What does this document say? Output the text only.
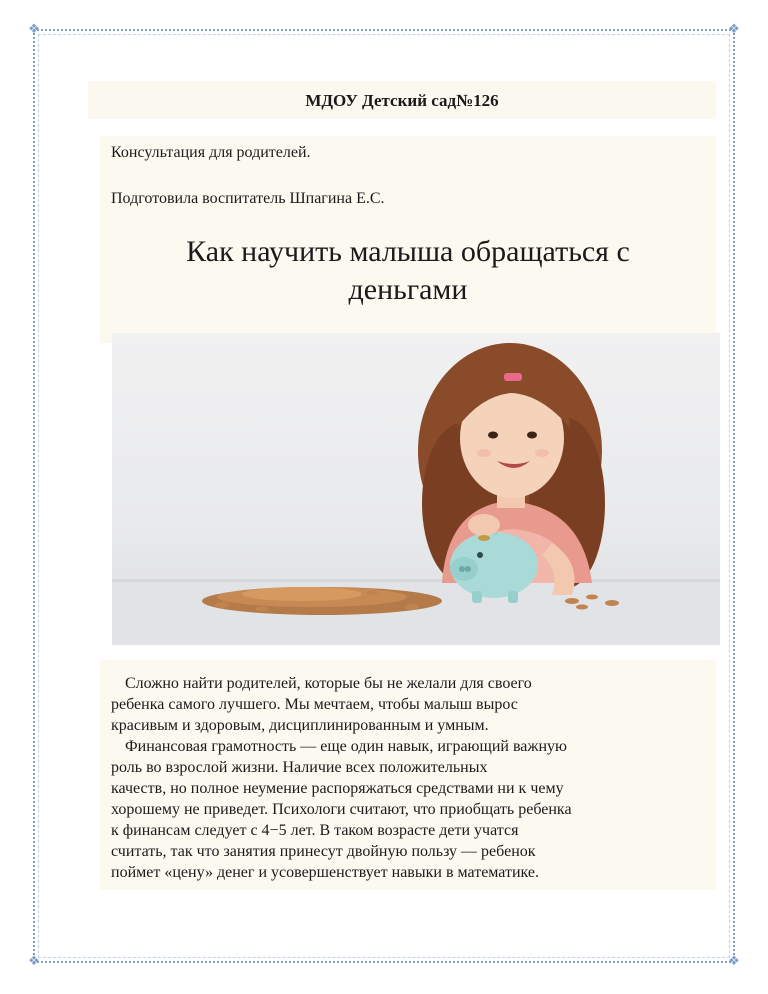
❖	❖
❖	❖
МДОУ Детский сад№126
Консультация для родителей.
Подготовила воспитатель Шпагина Е.С.
Как научить малыша обращаться с
деньгами

Сложно найти родителей, которые бы не желали для своего

ребенка самого лучшего. Мы мечтаем, чтобы малыш вырос

красивым и здоровым, дисциплинированным и умным.

Финансовая грамотность — еще один навык, играющий важную

роль во взрослой жизни. Наличие всех положительных

качеств, но полное неумение распоряжаться средствами ни к чему

хорошему не приведет. Психологи считают, что приобщать ребенка

к финансам следует с 4−5 лет. В таком возрасте дети учатся

считать, так что занятия принесут двойную пользу — ребенок

поймет «цену» денег и усовершенствует навыки в математике.
